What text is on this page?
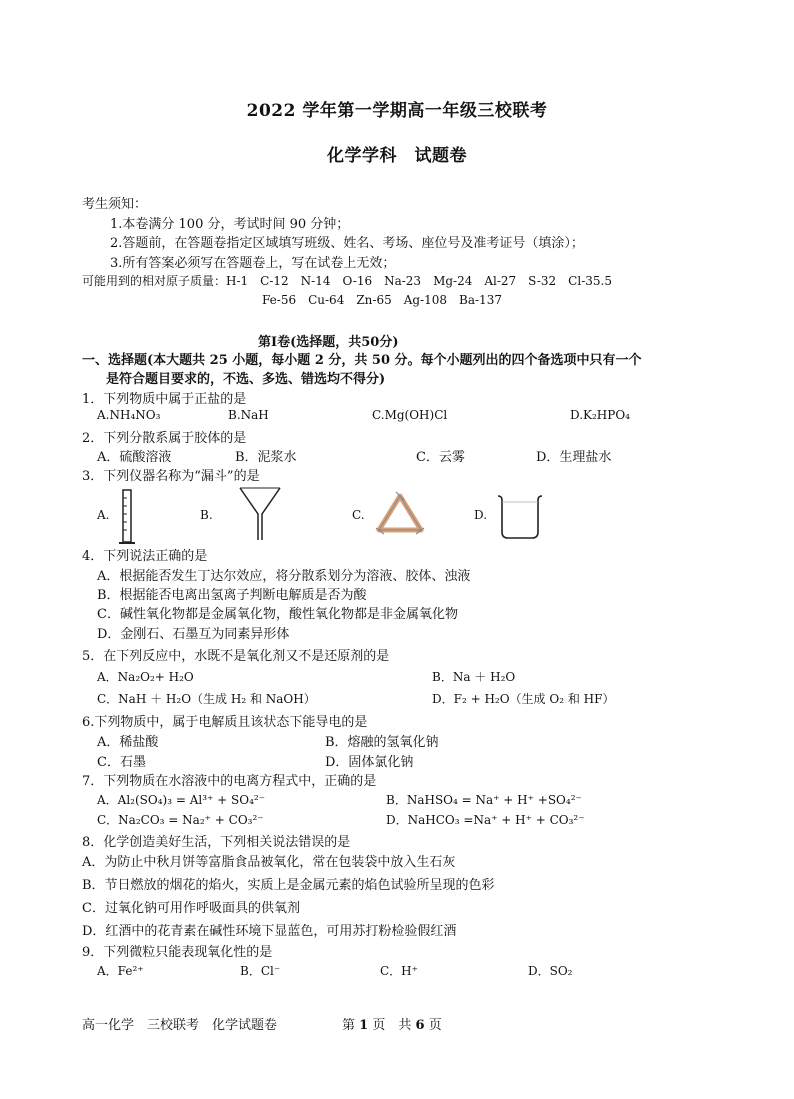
2022 学年第一学期高一年级三校联考
化学学科　试题卷
考生须知：
1.本卷满分 100 分，考试时间 90 分钟；
2.答题前，在答题卷指定区域填写班级、姓名、考场、座位号及准考证号（填涂）；
3.所有答案必须写在答题卷上，写在试卷上无效；
可能用到的相对原子质量：H-1　C-12　N-14　O-16　Na-23　Mg-24　Al-27　S-32　Cl-35.5
Fe-56　Cu-64　Zn-65　Ag-108　Ba-137
第Ⅰ卷(选择题，共50分)
一、选择题(本大题共 25 小题，每小题 2 分，共 50 分。每个小题列出的四个备选项中只有一个
是符合题目要求的，不选、多选、错选均不得分)
1．下列物质中属于正盐的是
A.NH₄NO₃	B.NaH	C.Mg(OH)Cl	D.K₂HPO₄
2．下列分散系属于胶体的是
A．硫酸溶液	B．泥浆水	C．云雾	D．生理盐水
3．下列仪器名称为“漏斗”的是
A.	B.	C.	D.
4．下列说法正确的是
A．根据能否发生丁达尔效应，将分散系划分为溶液、胶体、浊液
B．根据能否电离出氢离子判断电解质是否为酸
C．碱性氧化物都是金属氧化物，酸性氧化物都是非金属氧化物
D．金刚石、石墨互为同素异形体
5．在下列反应中，水既不是氧化剂又不是还原剂的是
A．Na₂O₂+ H₂O	B．Na ＋ H₂O
C．NaH ＋ H₂O（生成 H₂ 和 NaOH）	D．F₂ + H₂O（生成 O₂ 和 HF）
6.下列物质中，属于电解质且该状态下能导电的是
A．稀盐酸	B．熔融的氢氧化钠
C．石墨	D．固体氯化钠
7．下列物质在水溶液中的电离方程式中，正确的是
A．Al₂(SO₄)₃ = Al³⁺ + SO₄²⁻	B．NaHSO₄ = Na⁺ + H⁺ +SO₄²⁻
C．Na₂CO₃ = Na₂⁺ + CO₃²⁻	D．NaHCO₃ =Na⁺ + H⁺ + CO₃²⁻
8．化学创造美好生活，下列相关说法错误的是
A．为防止中秋月饼等富脂食品被氧化，常在包装袋中放入生石灰
B．节日燃放的烟花的焰火，实质上是金属元素的焰色试验所呈现的色彩
C．过氧化钠可用作呼吸面具的供氧剂
D．红酒中的花青素在碱性环境下显蓝色，可用苏打粉检验假红酒
9．下列微粒只能表现氧化性的是
A．Fe²⁺	B．Cl⁻	C．H⁺	D．SO₂
高一化学　三校联考　化学试题卷	第 1 页　共 6 页
